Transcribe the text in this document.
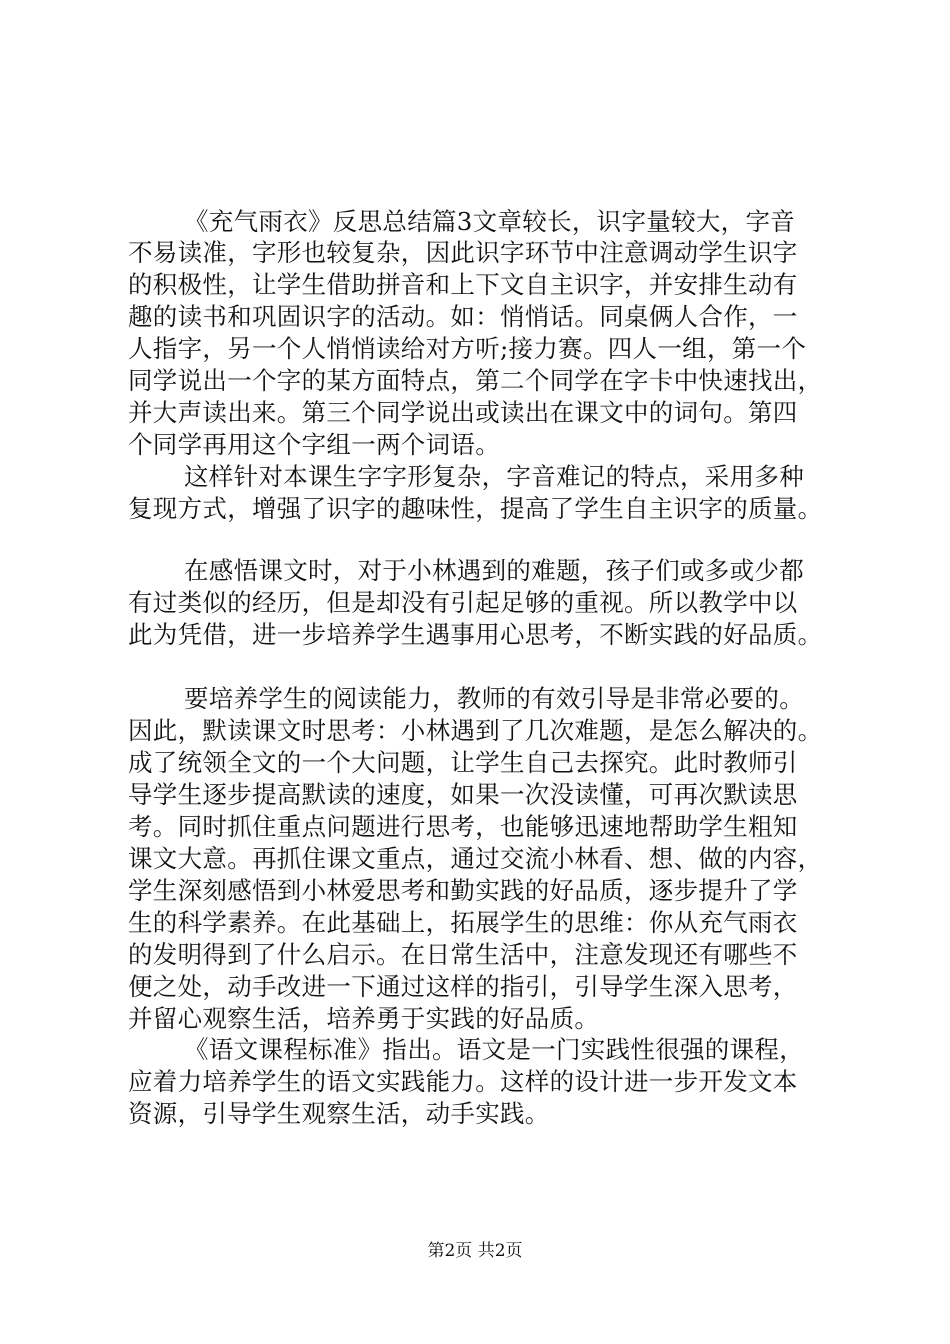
《充气雨衣》反思总结篇3文章较长，识字量较大，字音
不易读准，字形也较复杂，因此识字环节中注意调动学生识字
的积极性，让学生借助拼音和上下文自主识字，并安排生动有
趣的读书和巩固识字的活动。如：悄悄话。同桌俩人合作，一
人指字，另一个人悄悄读给对方听;接力赛。四人一组，第一个
同学说出一个字的某方面特点，第二个同学在字卡中快速找出，
并大声读出来。第三个同学说出或读出在课文中的词句。第四
个同学再用这个字组一两个词语。
这样针对本课生字字形复杂，字音难记的特点，采用多种
复现方式，增强了识字的趣味性，提高了学生自主识字的质量。
在感悟课文时，对于小林遇到的难题，孩子们或多或少都
有过类似的经历，但是却没有引起足够的重视。所以教学中以
此为凭借，进一步培养学生遇事用心思考，不断实践的好品质。
要培养学生的阅读能力，教师的有效引导是非常必要的。
因此，默读课文时思考：小林遇到了几次难题，是怎么解决的。
成了统领全文的一个大问题，让学生自己去探究。此时教师引
导学生逐步提高默读的速度，如果一次没读懂，可再次默读思
考。同时抓住重点问题进行思考，也能够迅速地帮助学生粗知
课文大意。再抓住课文重点，通过交流小林看、想、做的内容，
学生深刻感悟到小林爱思考和勤实践的好品质，逐步提升了学
生的科学素养。在此基础上，拓展学生的思维：你从充气雨衣
的发明得到了什么启示。在日常生活中，注意发现还有哪些不
便之处，动手改进一下通过这样的指引，引导学生深入思考，
并留心观察生活，培养勇于实践的好品质。
《语文课程标准》指出。语文是一门实践性很强的课程，
应着力培养学生的语文实践能力。这样的设计进一步开发文本
资源，引导学生观察生活，动手实践。
第2页 共2页
